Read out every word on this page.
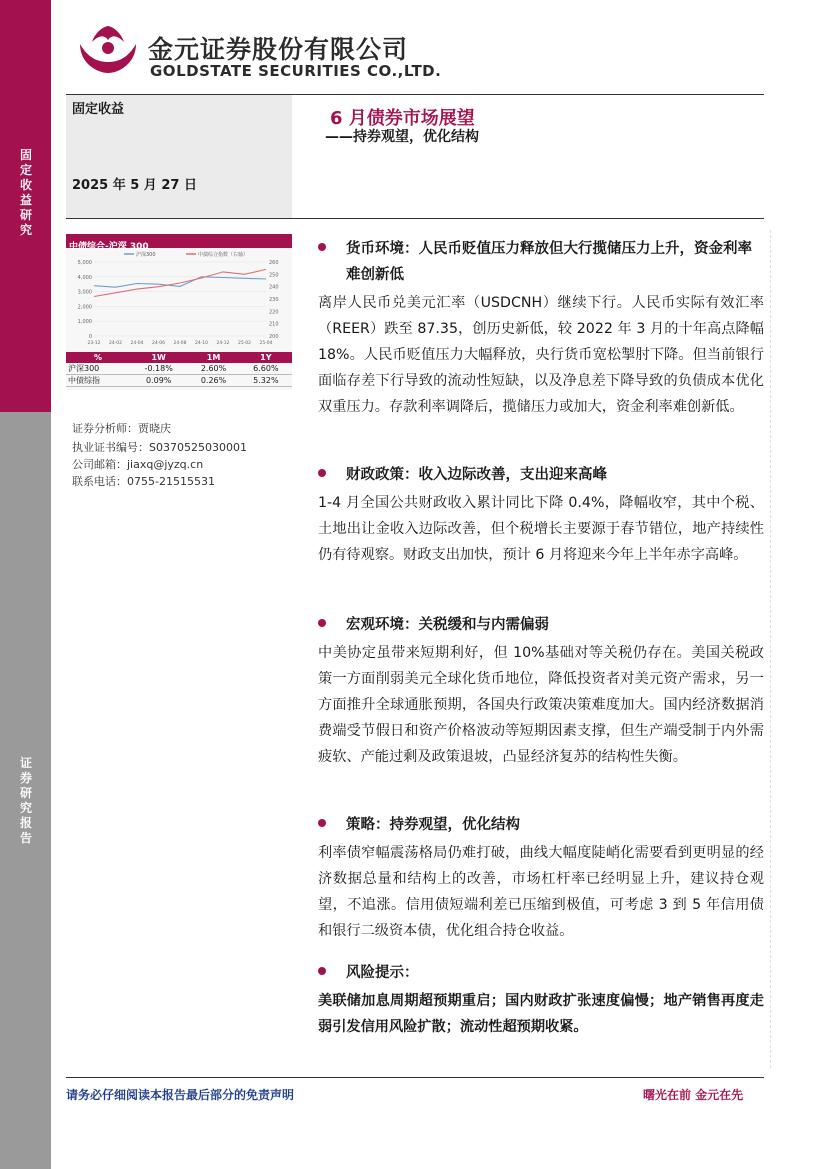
固定收益研究
证券研究报告
金元证券股份有限公司
GOLDSTATE SECURITIES CO.,LTD.
固定收益
2025 年 5 月 27 日
6 月债券市场展望
——持券观望，优化结构
中债综合-沪深 300
沪深300	中债综合指数（右轴）
5,000
4,000
3,000
2,000
1,000
0
260
250
240
230
220
210
200
23-12 24-02 24-04 24-06 24-08 24-10 24-12 25-02 25-04
%	1W	1M	1Y
沪深300	-0.18%	2.60%	6.60%
中债综指	0.09%	0.26%	5.32%
证券分析师：贾晓庆
执业证书编号：S0370525030001
公司邮箱：jiaxq@jyzq.cn
联系电话：0755-21515531
货币环境：人民币贬值压力释放但大行揽储压力上升，资金利率难创新低
离岸人民币兑美元汇率（USDCNH）继续下行。人民币实际有效汇率（REER）跌至 87.35，创历史新低，较 2022 年 3 月的十年高点降幅 18%。人民币贬值压力大幅释放，央行货币宽松掣肘下降。但当前银行面临存差下行导致的流动性短缺，以及净息差下降导致的负债成本优化双重压力。存款利率调降后，揽储压力或加大，资金利率难创新低。
财政政策：收入边际改善，支出迎来高峰
1-4 月全国公共财政收入累计同比下降 0.4%，降幅收窄，其中个税、土地出让金收入边际改善，但个税增长主要源于春节错位，地产持续性仍有待观察。财政支出加快，预计 6 月将迎来今年上半年赤字高峰。
宏观环境：关税缓和与内需偏弱
中美协定虽带来短期利好，但 10%基础对等关税仍存在。美国关税政策一方面削弱美元全球化货币地位，降低投资者对美元资产需求，另一方面推升全球通胀预期，各国央行政策决策难度加大。国内经济数据消费端受节假日和资产价格波动等短期因素支撑，但生产端受制于内外需疲软、产能过剩及政策退坡，凸显经济复苏的结构性失衡。
策略：持券观望，优化结构
利率债窄幅震荡格局仍难打破，曲线大幅度陡峭化需要看到更明显的经济数据总量和结构上的改善，市场杠杆率已经明显上升，建议持仓观望，不追涨。信用债短端利差已压缩到极值，可考虑 3 到 5 年信用债和银行二级资本债，优化组合持仓收益。
风险提示：
美联储加息周期超预期重启；国内财政扩张速度偏慢；地产销售再度走弱引发信用风险扩散；流动性超预期收紧。
请务必仔细阅读本报告最后部分的免责声明	曙光在前 金元在先
